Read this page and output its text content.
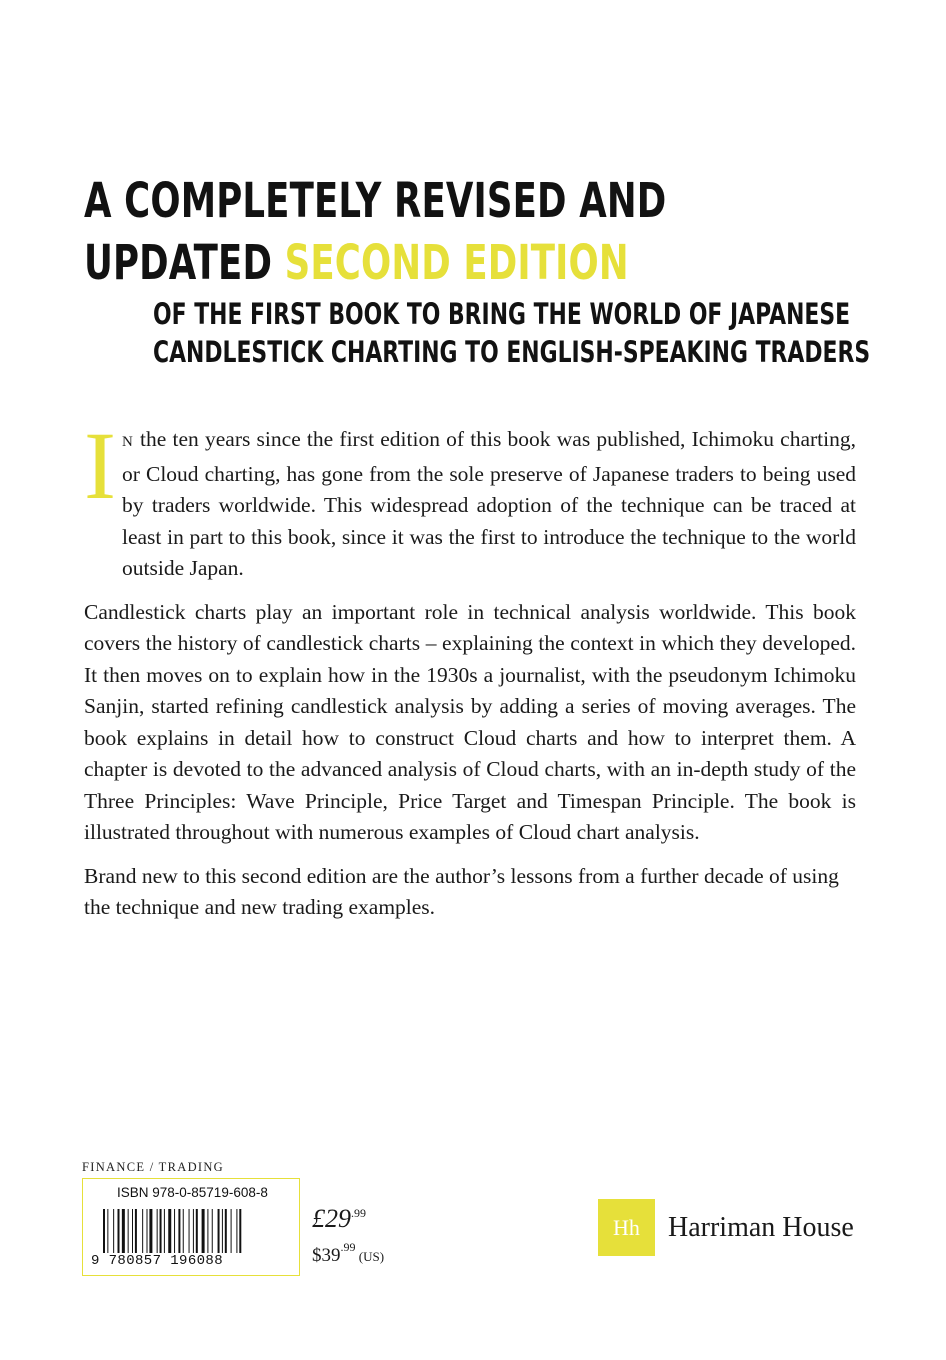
A COMPLETELY REVISED AND
UPDATED SECOND EDITION
OF THE FIRST BOOK TO BRING THE WORLD OF JAPANESE
CANDLESTICK CHARTING TO ENGLISH-SPEAKING TRADERS
I N the ten years since the first edition of this book was published, Ichimoku charting, or Cloud charting, has gone from the sole preserve of Japanese traders to being used by traders worldwide. This widespread adoption of the technique can be traced at least in part to this book, since it was the first to introduce the technique to the world outside Japan.

Candlestick charts play an important role in technical analysis worldwide. This book covers the history of candlestick charts – explaining the context in which they developed. It then moves on to explain how in the 1930s a journalist, with the pseudonym Ichimoku Sanjin, started refining candlestick analysis by adding a series of moving averages. The book explains in detail how to construct Cloud charts and how to interpret them. A chapter is devoted to the advanced analysis of Cloud charts, with an in-depth study of the Three Principles: Wave Principle, Price Target and Timespan Principle. The book is illustrated throughout with numerous examples of Cloud chart analysis.

Brand new to this second edition are the author’s lessons from a further decade of using the technique and new trading examples.

FINANCE / TRADING
ISBN 978-0-85719-608-8
9 780857 196088
$£29^{.99}$
$\$39^{.99}$ (US)
Hh	Harriman House
